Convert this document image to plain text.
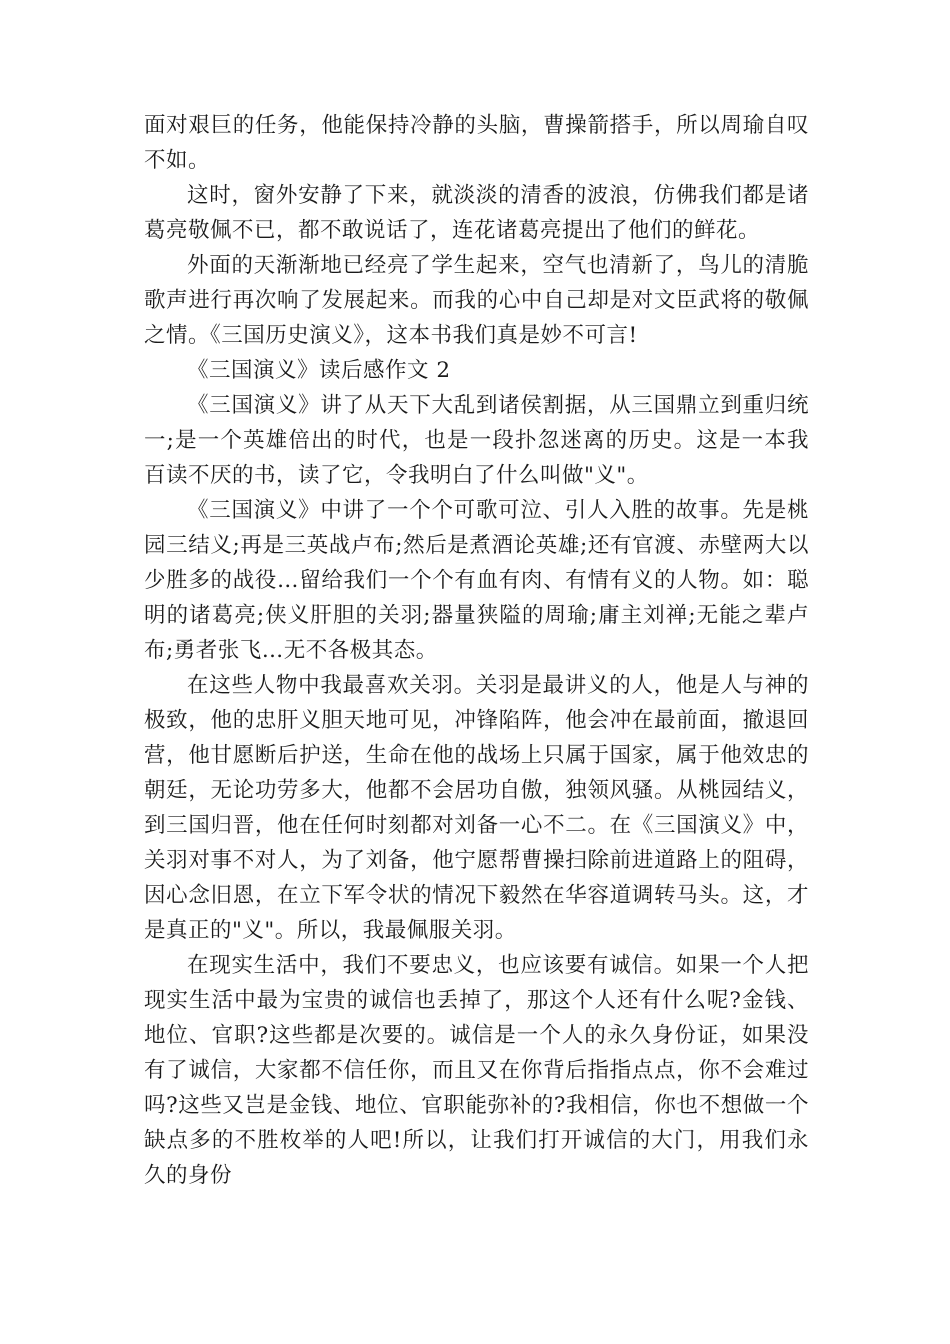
面对艰巨的任务，他能保持冷静的头脑，曹操箭搭手，所以周瑜自叹不如。

这时，窗外安静了下来，就淡淡的清香的波浪，仿佛我们都是诸葛亮敬佩不已，都不敢说话了，连花诸葛亮提出了他们的鲜花。

外面的天渐渐地已经亮了学生起来，空气也清新了，鸟儿的清脆歌声进行再次响了发展起来。而我的心中自己却是对文臣武将的敬佩之情。《三国历史演义》，这本书我们真是妙不可言!

《三国演义》读后感作文 2

《三国演义》讲了从天下大乱到诸侯割据，从三国鼎立到重归统一;是一个英雄倍出的时代，也是一段扑忽迷离的历史。这是一本我百读不厌的书，读了它，令我明白了什么叫做"义"。

《三国演义》中讲了一个个可歌可泣、引人入胜的故事。先是桃园三结义;再是三英战卢布;然后是煮酒论英雄;还有官渡、赤壁两大以少胜多的战役…留给我们一个个有血有肉、有情有义的人物。如：聪明的诸葛亮;侠义肝胆的关羽;器量狭隘的周瑜;庸主刘禅;无能之辈卢布;勇者张飞…无不各极其态。

在这些人物中我最喜欢关羽。关羽是最讲义的人，他是人与神的极致，他的忠肝义胆天地可见，冲锋陷阵，他会冲在最前面，撤退回营，他甘愿断后护送，生命在他的战场上只属于国家，属于他效忠的朝廷，无论功劳多大，他都不会居功自傲，独领风骚。从桃园结义，到三国归晋，他在任何时刻都对刘备一心不二。在《三国演义》中，关羽对事不对人，为了刘备，他宁愿帮曹操扫除前进道路上的阻碍，因心念旧恩，在立下军令状的情况下毅然在华容道调转马头。这，才是真正的"义"。所以，我最佩服关羽。

在现实生活中，我们不要忠义，也应该要有诚信。如果一个人把现实生活中最为宝贵的诚信也丢掉了，那这个人还有什么呢?金钱、地位、官职?这些都是次要的。诚信是一个人的永久身份证，如果没有了诚信，大家都不信任你，而且又在你背后指指点点，你不会难过吗?这些又岂是金钱、地位、官职能弥补的?我相信，你也不想做一个缺点多的不胜枚举的人吧!所以，让我们打开诚信的大门，用我们永久的身份
